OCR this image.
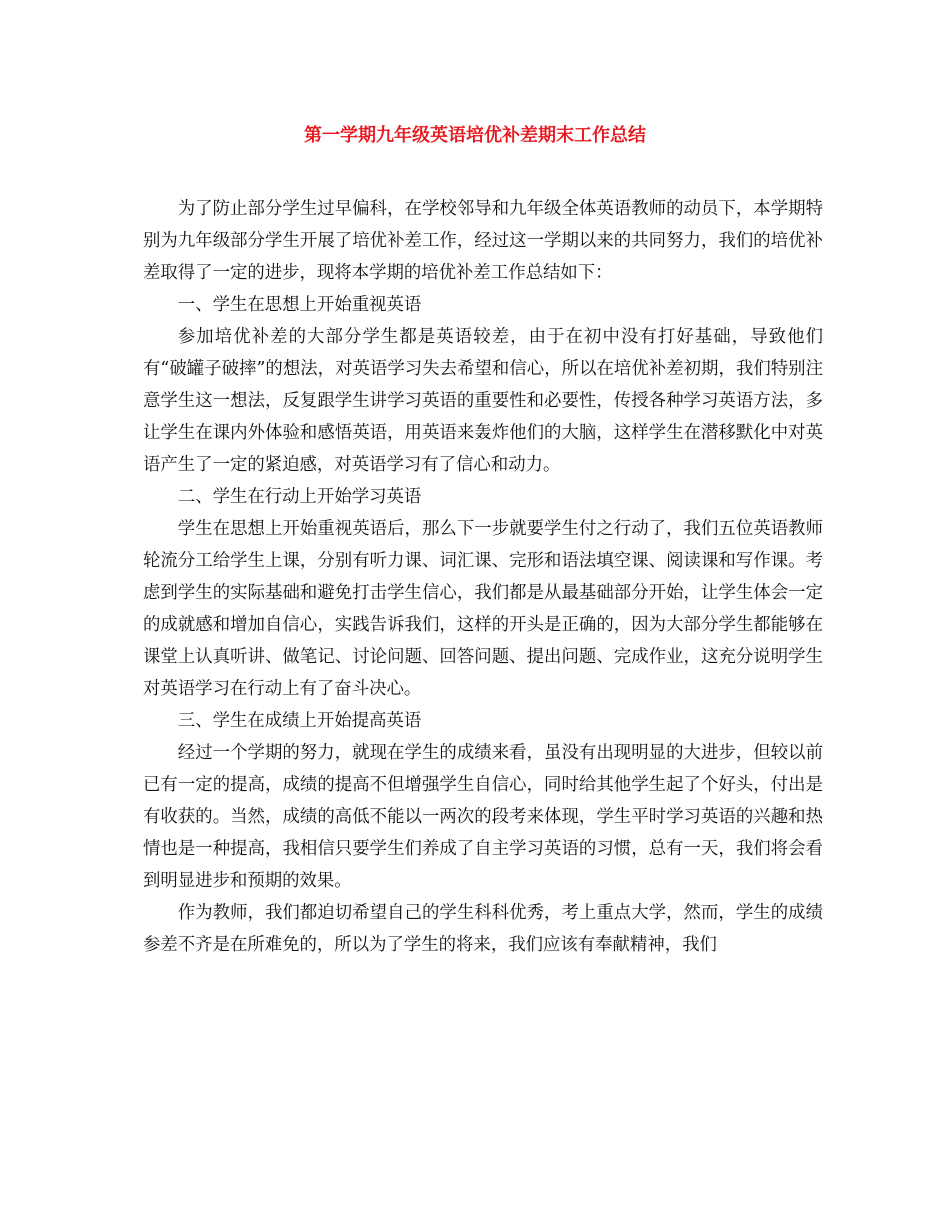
第一学期九年级英语培优补差期末工作总结

为了防止部分学生过早偏科，在学校邻导和九年级全体英语教师的动员下，本学期特别为九年级部分学生开展了培优补差工作，经过这一学期以来的共同努力，我们的培优补差取得了一定的进步，现将本学期的培优补差工作总结如下：

一、学生在思想上开始重视英语

参加培优补差的大部分学生都是英语较差，由于在初中没有打好基础，导致他们有“破罐子破摔”的想法，对英语学习失去希望和信心，所以在培优补差初期，我们特别注意学生这一想法，反复跟学生讲学习英语的重要性和必要性，传授各种学习英语方法，多让学生在课内外体验和感悟英语，用英语来轰炸他们的大脑，这样学生在潜移默化中对英语产生了一定的紧迫感，对英语学习有了信心和动力。

二、学生在行动上开始学习英语

学生在思想上开始重视英语后，那么下一步就要学生付之行动了，我们五位英语教师轮流分工给学生上课，分别有听力课、词汇课、完形和语法填空课、阅读课和写作课。考虑到学生的实际基础和避免打击学生信心，我们都是从最基础部分开始，让学生体会一定的成就感和增加自信心，实践告诉我们，这样的开头是正确的，因为大部分学生都能够在课堂上认真听讲、做笔记、讨论问题、回答问题、提出问题、完成作业，这充分说明学生对英语学习在行动上有了奋斗决心。

三、学生在成绩上开始提高英语

经过一个学期的努力，就现在学生的成绩来看，虽没有出现明显的大进步，但较以前已有一定的提高，成绩的提高不但增强学生自信心，同时给其他学生起了个好头，付出是有收获的。当然，成绩的高低不能以一两次的段考来体现，学生平时学习英语的兴趣和热情也是一种提高，我相信只要学生们养成了自主学习英语的习惯，总有一天，我们将会看到明显进步和预期的效果。

作为教师，我们都迫切希望自己的学生科科优秀，考上重点大学，然而，学生的成绩参差不齐是在所难免的，所以为了学生的将来，我们应该有奉献精神，我们
